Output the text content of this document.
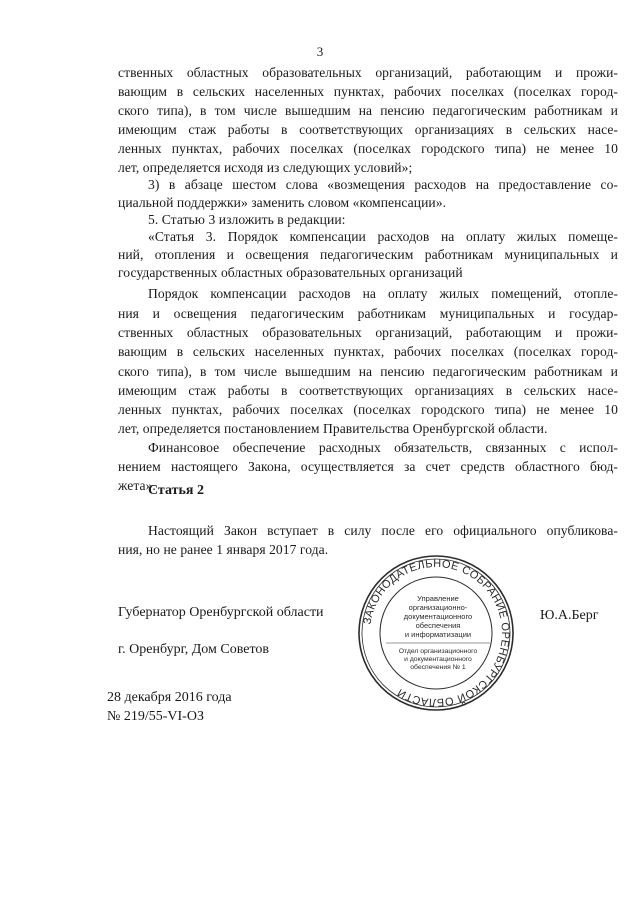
3
ственных областных образовательных организаций, работающим и прожи-
вающим в сельских населенных пунктах, рабочих поселках (поселках город-
ского типа), в том числе вышедшим на пенсию педагогическим работникам и
имеющим стаж работы в соответствующих организациях в сельских насе-
ленных пунктах, рабочих поселках (поселках городского типа) не менее 10
лет, определяется исходя из следующих условий»;
3) в абзаце шестом слова «возмещения расходов на предоставление со-
циальной поддержки» заменить словом «компенсации».
5. Статью 3 изложить в редакции:
«Статья 3. Порядок компенсации расходов на оплату жилых помеще-
ний, отопления и освещения педагогическим работникам муниципальных и
государственных областных образовательных организаций
Порядок компенсации расходов на оплату жилых помещений, отопле-
ния и освещения педагогическим работникам муниципальных и государ-
ственных областных образовательных организаций, работающим и прожи-
вающим в сельских населенных пунктах, рабочих поселках (поселках город-
ского типа), в том числе вышедшим на пенсию педагогическим работникам и
имеющим стаж работы в соответствующих организациях в сельских насе-
ленных пунктах, рабочих поселках (поселках городского типа) не менее 10
лет, определяется постановлением Правительства Оренбургской области.
Финансовое обеспечение расходных обязательств, связанных с испол-
нением настоящего Закона, осуществляется за счет средств областного бюд-
жета».
Статья 2
Настоящий Закон вступает в силу после его официального опубликова-
ния, но не ранее 1 января 2017 года.
Губернатор Оренбургской области	Ю.А.Берг
г. Оренбург, Дом Советов
28 декабря 2016 года
№ 219/55-VI-ОЗ
ЗАКОНОДАТЕЛЬНОЕ СОБРАНИЕ ОРЕНБУРГСКОЙ ОБЛАСТИ
Управление
организационно-
документационного
обеспечения
и информатизации
Отдел организационного
и документационного
обеспечения № 1
